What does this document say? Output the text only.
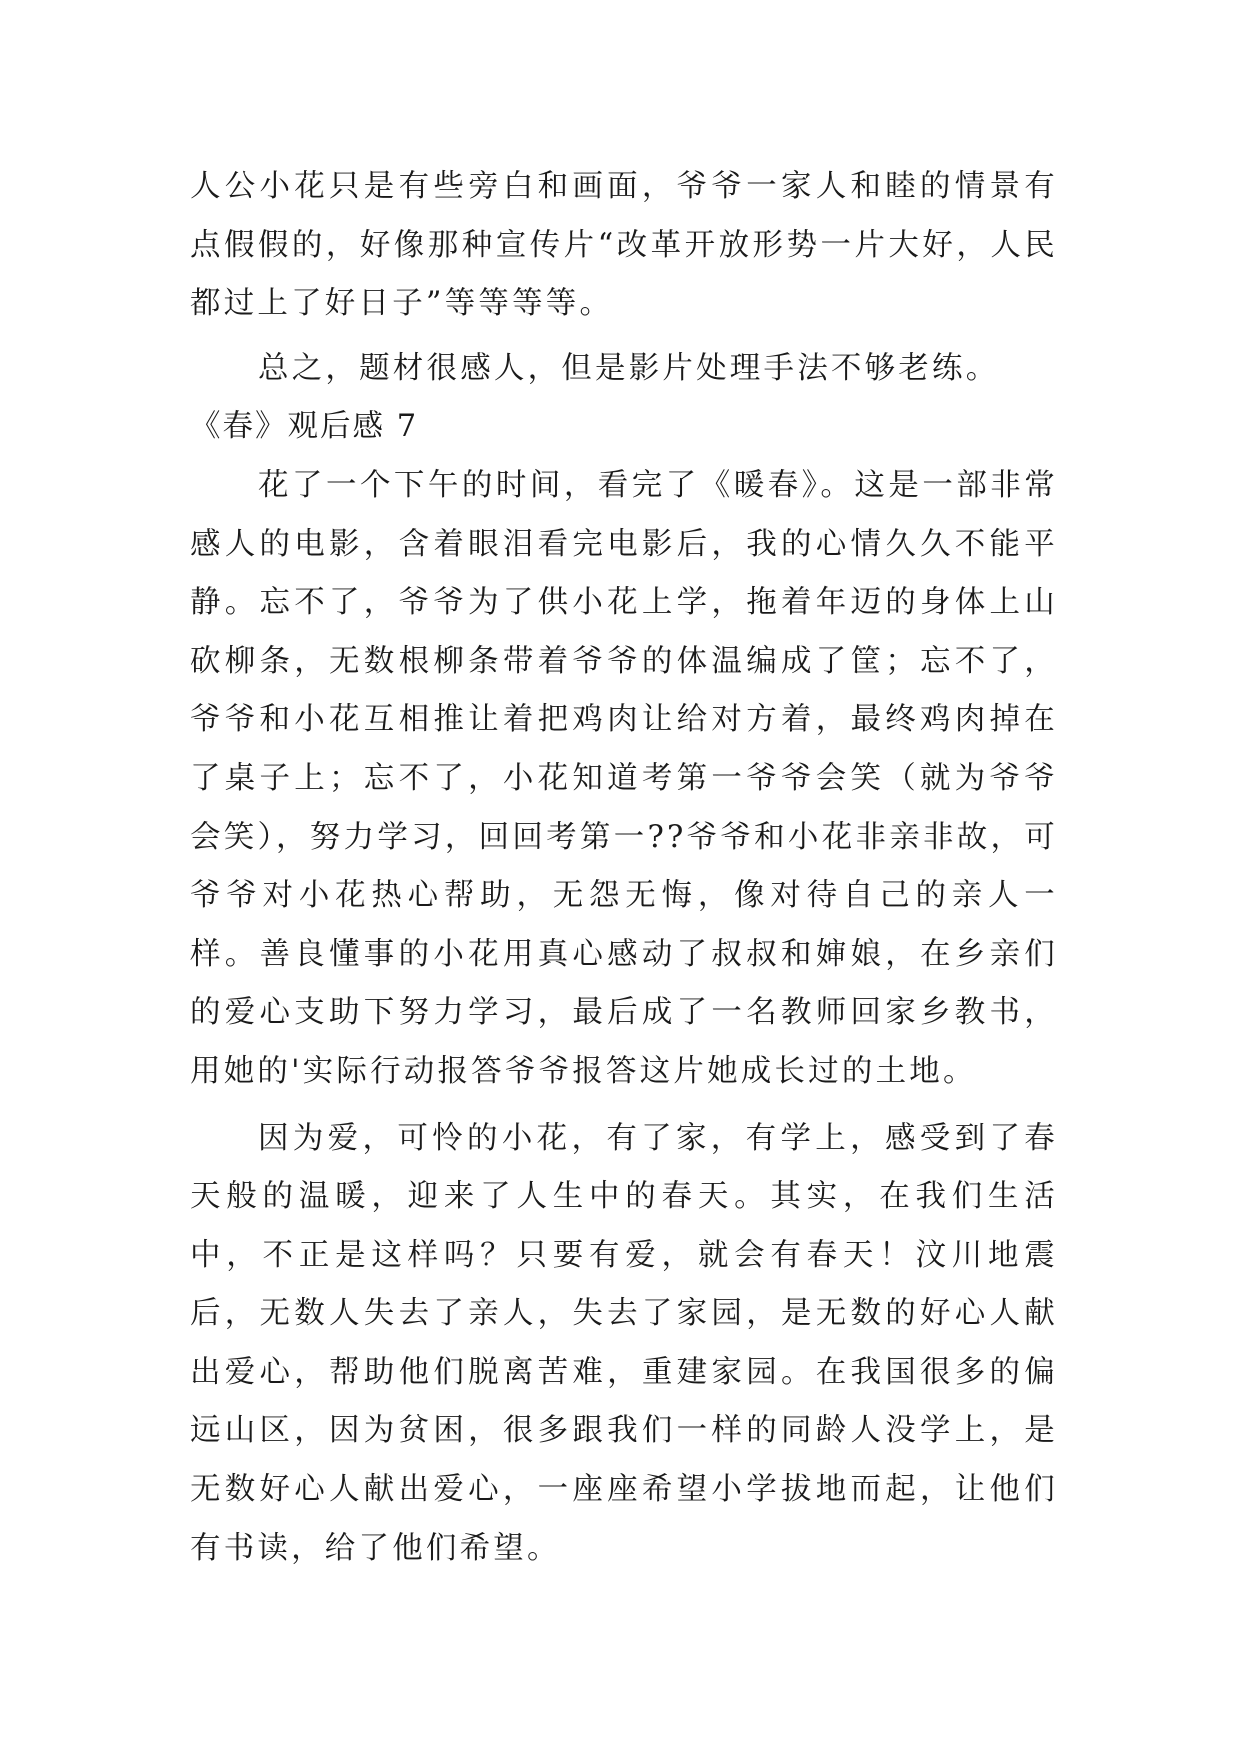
人公小花只是有些旁白和画面，爷爷一家人和睦的情景有点假假的，好像那种宣传片“改革开放形势一片大好，人民都过上了好日子”等等等等。

总之，题材很感人，但是影片处理手法不够老练。

《春》观后感 7

花了一个下午的时间，看完了《暖春》。这是一部非常感人的电影，含着眼泪看完电影后，我的心情久久不能平静。忘不了，爷爷为了供小花上学，拖着年迈的身体上山砍柳条，无数根柳条带着爷爷的体温编成了筐；忘不了，爷爷和小花互相推让着把鸡肉让给对方着，最终鸡肉掉在了桌子上；忘不了，小花知道考第一爷爷会笑（就为爷爷会笑），努力学习，回回考第一??爷爷和小花非亲非故，可爷爷对小花热心帮助，无怨无悔，像对待自己的亲人一样。善良懂事的小花用真心感动了叔叔和婶娘，在乡亲们的爱心支助下努力学习，最后成了一名教师回家乡教书，用她的'实际行动报答爷爷报答这片她成长过的土地。

因为爱，可怜的小花，有了家，有学上，感受到了春天般的温暖，迎来了人生中的春天。其实，在我们生活中，不正是这样吗？只要有爱，就会有春天！汶川地震后，无数人失去了亲人，失去了家园，是无数的好心人献出爱心，帮助他们脱离苦难，重建家园。在我国很多的偏远山区，因为贫困，很多跟我们一样的同龄人没学上，是无数好心人献出爱心，一座座希望小学拔地而起，让他们有书读，给了他们希望。
